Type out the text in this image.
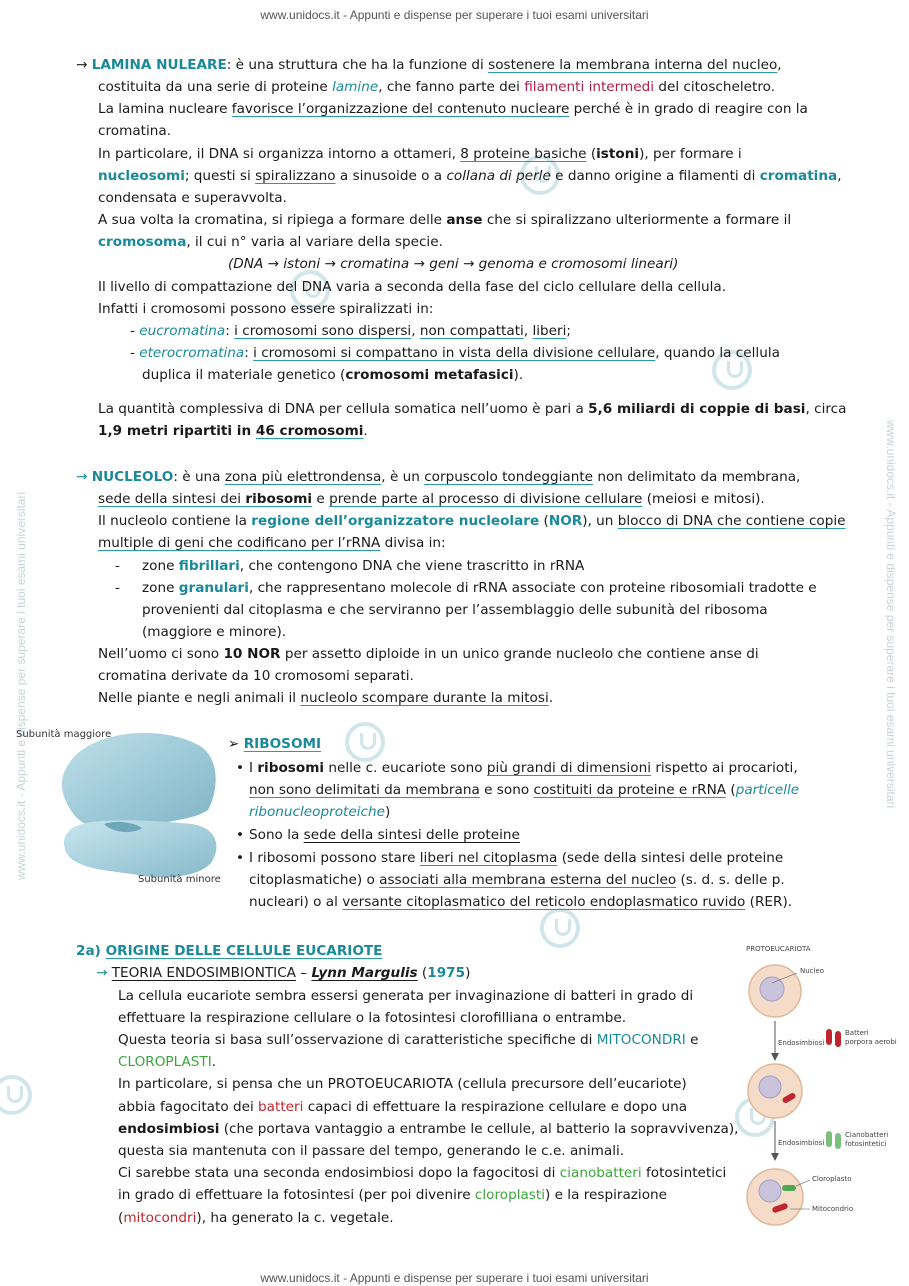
www.unidocs.it - Appunti e dispense per superare i tuoi esami universitari
www.unidocs.it - Appunti e dispense per superare i tuoi esami universitari
www.unidocs.it - Appunti e dispense per superare i tuoi esami universitari	www.unidocs.it - Appunti e dispense per superare i tuoi esami universitari
→ LAMINA NULEARE: è una struttura che ha la funzione di sostenere la membrana interna del nucleo,
costituita da una serie di proteine lamine, che fanno parte dei filamenti intermedi del citoscheletro.
La lamina nucleare favorisce l’organizzazione del contenuto nucleare perché è in grado di reagire con la
cromatina.
In particolare, il DNA si organizza intorno a ottameri, 8 proteine basiche (istoni), per formare i
nucleosomi; questi si spiralizzano a sinusoide o a collana di perle e danno origine a filamenti di cromatina,
condensata e superavvolta.
A sua volta la cromatina, si ripiega a formare delle anse che si spiralizzano ulteriormente a formare il
cromosoma, il cui n° varia al variare della specie.
(DNA → istoni → cromatina → geni → genoma e cromosomi lineari)
Il livello di compattazione del DNA varia a seconda della fase del ciclo cellulare della cellula.
Infatti i cromosomi possono essere spiralizzati in:
- eucromatina: i cromosomi sono dispersi, non compattati, liberi;
- eterocromatina: i cromosomi si compattano in vista della divisione cellulare, quando la cellula
duplica il materiale genetico (cromosomi metafasici).
La quantità complessiva di DNA per cellula somatica nell’uomo è pari a 5,6 miliardi di coppie di basi, circa
1,9 metri ripartiti in 46 cromosomi.
→ NUCLEOLO: è una zona più elettrondensa, è un corpuscolo tondeggiante non delimitato da membrana,
sede della sintesi dei ribosomi e prende parte al processo di divisione cellulare (meiosi e mitosi).
Il nucleolo contiene la regione dell’organizzatore nucleolare (NOR), un blocco di DNA che contiene copie
multiple di geni che codificano per l’rRNA divisa in:
- zone fibrillari, che contengono DNA che viene trascritto in rRNA
- zone granulari, che rappresentano molecole di rRNA associate con proteine ribosomiali tradotte e
provenienti dal citoplasma e che serviranno per l’assemblaggio delle subunità del ribosoma
(maggiore e minore).
Nell’uomo ci sono 10 NOR per assetto diploide in un unico grande nucleolo che contiene anse di
cromatina derivate da 10 cromosomi separati.
Nelle piante e negli animali il nucleolo scompare durante la mitosi.
Subunità maggiore
Subunità minore
➢ RIBOSOMI
• I ribosomi nelle c. eucariote sono più grandi di dimensioni rispetto ai procarioti,
non sono delimitati da membrana e sono costituiti da proteine e rRNA (particelle
ribonucleoproteiche)
• Sono la sede della sintesi delle proteine
• I ribosomi possono stare liberi nel citoplasma (sede della sintesi delle proteine
citoplasmatiche) o associati alla membrana esterna del nucleo (s. d. s. delle p.
nucleari) o al versante citoplasmatico del reticolo endoplasmatico ruvido (RER).
2a) ORIGINE DELLE CELLULE EUCARIOTE
→ TEORIA ENDOSIMBIONTICA – Lynn Margulis (1975)
La cellula eucariote sembra essersi generata per invaginazione di batteri in grado di
effettuare la respirazione cellulare o la fotosintesi clorofilliana o entrambe.
Questa teoria si basa sull’osservazione di caratteristiche specifiche di MITOCONDRI e
CLOROPLASTI.
In particolare, si pensa che un PROTOEUCARIOTA (cellula precursore dell’eucariote)
abbia fagocitato dei batteri capaci di effettuare la respirazione cellulare e dopo una
endosimbiosi (che portava vantaggio a entrambe le cellule, al batterio la sopravvivenza),
questa sia mantenuta con il passare del tempo, generando le c.e. animali.
Ci sarebbe stata una seconda endosimbiosi dopo la fagocitosi di cianobatteri fotosintetici
in grado di effettuare la fotosintesi (per poi divenire cloroplasti) e la respirazione
(mitocondri), ha generato la c. vegetale.
PROTOEUCARIOTA
Nucleo
Batteri porpora aerobi
Endosimbiosi
Cianobatteri fotosintetici
Endosimbiosi
Cloroplasto
Mitocondrio
